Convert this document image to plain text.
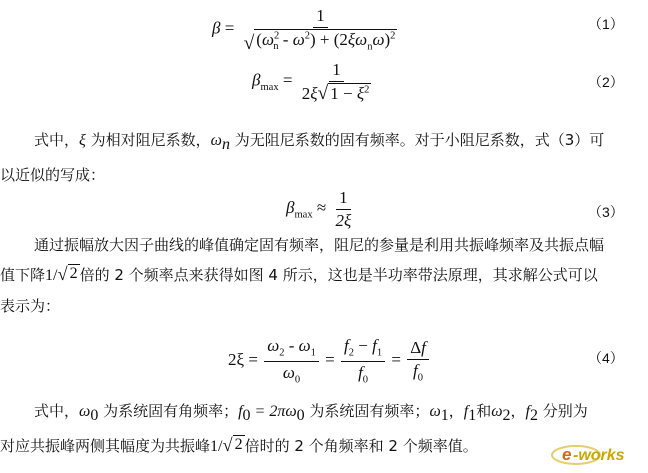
$\beta = \frac{1}{√ (\omega^2_n - \omega^2) + (2\xi\omega_n\omega)^2}$	（1）
$\beta_{max} = \frac{1}{2\xi √ 1 - \xi^2}$	（2）
式中，ξ 为相对阻尼系数，$\omega_n$ 为无阻尼系数的固有频率。对于小阻尼系数，式（3）可
以近似的写成：
$\beta_{max} \approx \frac{1}{2\xi}$	（3）
通过振幅放大因子曲线的峰值确定固有频率，阻尼的参量是利用共振峰频率及共振点幅
值下降1/ √ 2 倍的 2 个频率点来获得如图 4 所示，这也是半功率带法原理，其求解公式可以
表示为：
$2\xi = \frac{\omega_2 - \omega_1}{\omega_0} = \frac{f_2 - f_1}{f_0} = \frac{\Delta f}{f_0}$	（4）
式中，$\omega_0$ 为系统固有角频率；$f_0 = 2\pi\omega_0$ 为系统固有频率；$\omega_1$，$f_1$和$\omega_2$，$f_2$ 分别为
对应共振峰两侧其幅度为共振峰1/ √ 2 倍时的 2 个角频率和 2 个频率值。	e -works
